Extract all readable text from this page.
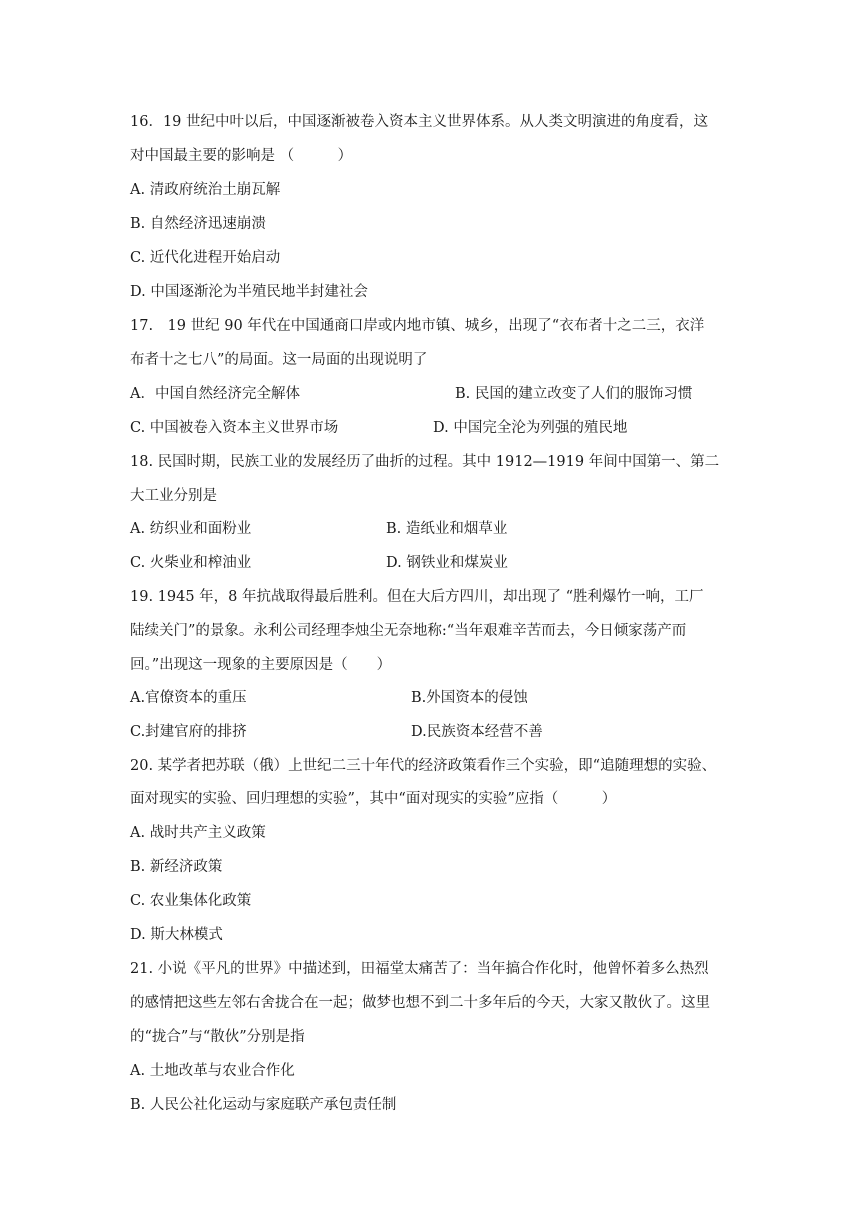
16．19 世纪中叶以后，中国逐渐被卷入资本主义世界体系。从人类文明演进的角度看，这
对中国最主要的影响是 （　　　）
A. 清政府统治土崩瓦解
B. 自然经济迅速崩溃
C. 近代化进程开始启动
D. 中国逐渐沦为半殖民地半封建社会
17.　19 世纪 90 年代在中国通商口岸或内地市镇、城乡，出现了“衣布者十之二三，衣洋
布者十之七八”的局面。这一局面的出现说明了
A．中国自然经济完全解体	B. 民国的建立改变了人们的服饰习惯
C. 中国被卷入资本主义世界市场	D. 中国完全沦为列强的殖民地
18. 民国时期，民族工业的发展经历了曲折的过程。其中 1912—1919 年间中国第一、第二
大工业分别是
A. 纺织业和面粉业	B. 造纸业和烟草业
C. 火柴业和榨油业	D. 钢铁业和煤炭业
19. 1945 年，8 年抗战取得最后胜利。但在大后方四川，却出现了 “胜利爆竹一响，工厂
陆续关门”的景象。永利公司经理李烛尘无奈地称:“当年艰难辛苦而去，今日倾家荡产而
回。”出现这一现象的主要原因是（　　）
A.官僚资本的重压	B.外国资本的侵蚀
C.封建官府的排挤	D.民族资本经营不善
20. 某学者把苏联（俄）上世纪二三十年代的经济政策看作三个实验，即“追随理想的实验、
面对现实的实验、回归理想的实验”，其中“面对现实的实验”应指（　　　）
A. 战时共产主义政策
B. 新经济政策
C. 农业集体化政策
D. 斯大林模式
21. 小说《平凡的世界》中描述到，田福堂太痛苦了：当年搞合作化时，他曾怀着多么热烈
的感情把这些左邻右舍拢合在一起；做梦也想不到二十多年后的今天，大家又散伙了。这里
的“拢合”与“散伙”分别是指
A. 土地改革与农业合作化
B. 人民公社化运动与家庭联产承包责任制
